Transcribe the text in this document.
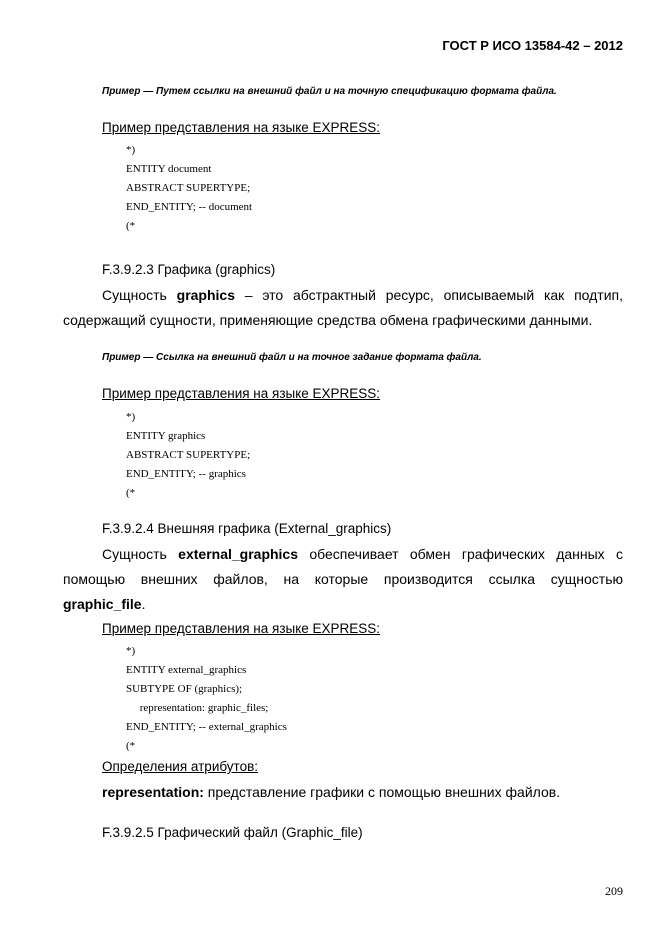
ГОСТ Р ИСО 13584-42 – 2012
Пример — Путем ссылки на внешний файл и на точную спецификацию формата файла.
Пример представления на языке EXPRESS:
*)
ENTITY document
ABSTRACT SUPERTYPE;
END_ENTITY; -- document
(*
F.3.9.2.3 Графика (graphics)

Сущность graphics – это абстрактный ресурс, описываемый как подтип, содержащий сущности, применяющие средства обмена графическими данными.

Пример — Ссылка на внешний файл и на точное задание формата файла.
Пример представления на языке EXPRESS:
*)
ENTITY graphics
ABSTRACT SUPERTYPE;
END_ENTITY; -- graphics
(*
F.3.9.2.4 Внешняя графика (External_graphics)

Сущность external_graphics обеспечивает обмен графических данных с помощью внешних файлов, на которые производится ссылка сущностью graphic_file.

Пример представления на языке EXPRESS:
*)
ENTITY external_graphics
SUBTYPE OF (graphics);
representation: graphic_files;
END_ENTITY; -- external_graphics
(*
Определения атрибутов:
representation: представление графики с помощью внешних файлов.
F.3.9.2.5 Графический файл (Graphic_file)
209
